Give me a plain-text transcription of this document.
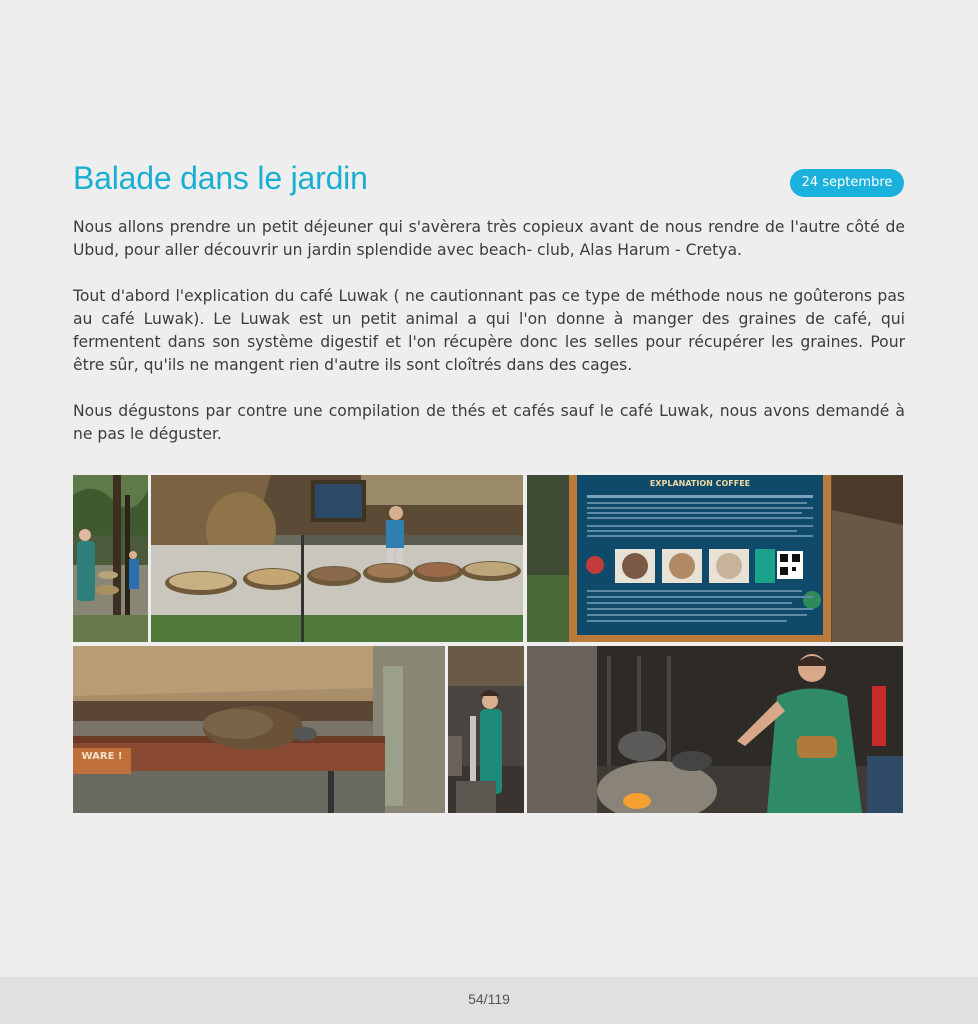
Balade dans le jardin	24 septembre

Nous allons prendre un petit déjeuner qui s'avèrera très copieux avant de nous rendre de l'autre côté de Ubud, pour aller découvrir un jardin splendide avec beach- club, Alas Harum - Cretya.

Tout d'abord l'explication du café Luwak ( ne cautionnant pas ce type de méthode nous ne goûterons pas au café Luwak). Le Luwak est un petit animal a qui l'on donne à manger des graines de café, qui fermentent dans son système digestif et l'on récupère donc les selles pour récupérer les graines. Pour être sûr, qu'ils ne mangent rien d'autre ils sont cloîtrés dans des cages.

Nous dégustons par contre une compilation de thés et cafés sauf le café Luwak, nous avons demandé à ne pas le déguster.

EXPLANATION COFFEE
WARE !
54/119
